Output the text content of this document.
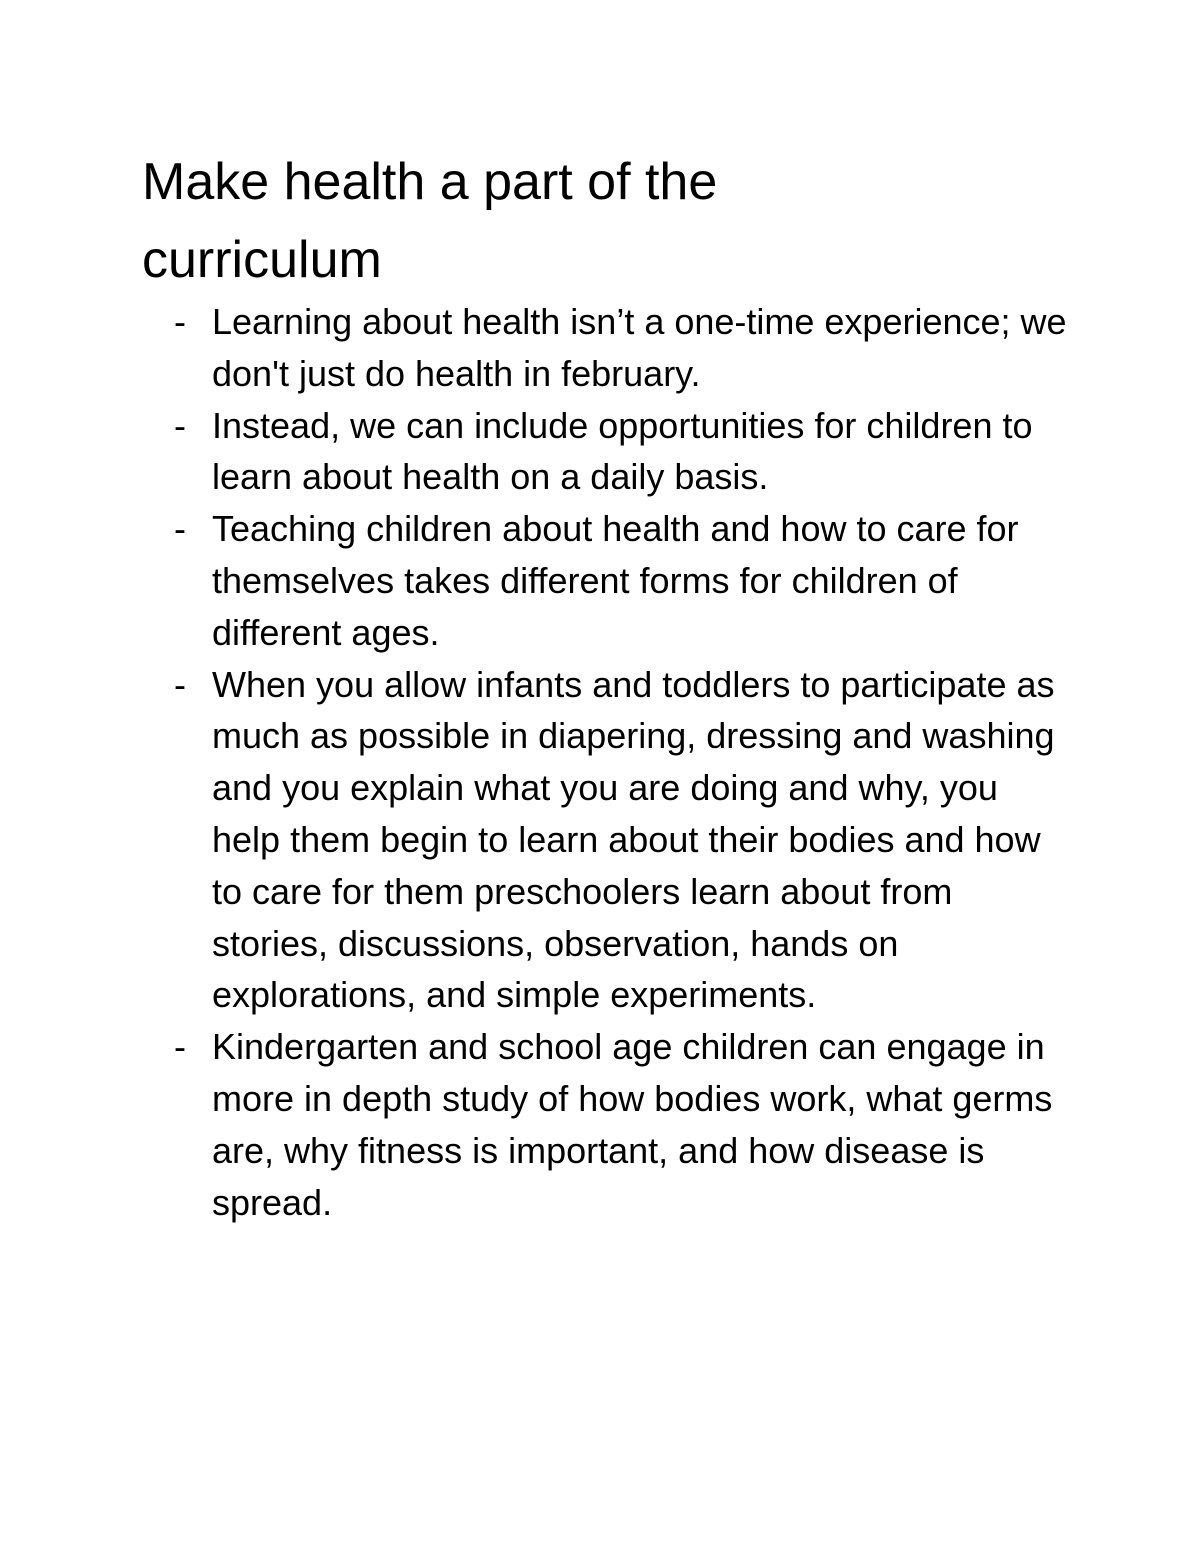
Make health a part of the curriculum
- Learning about health isn’t a one-time experience; we don't just do health in february.
- Instead, we can include opportunities for children to learn about health on a daily basis.
- Teaching children about health and how to care for themselves takes different forms for children of different ages.
- When you allow infants and toddlers to participate as much as possible in diapering, dressing and washing and you explain what you are doing and why, you help them begin to learn about their bodies and how to care for them preschoolers learn about from stories, discussions, observation, hands on explorations, and simple experiments.
- Kindergarten and school age children can engage in more in depth study of how bodies work, what germs are, why fitness is important, and how disease is spread.
